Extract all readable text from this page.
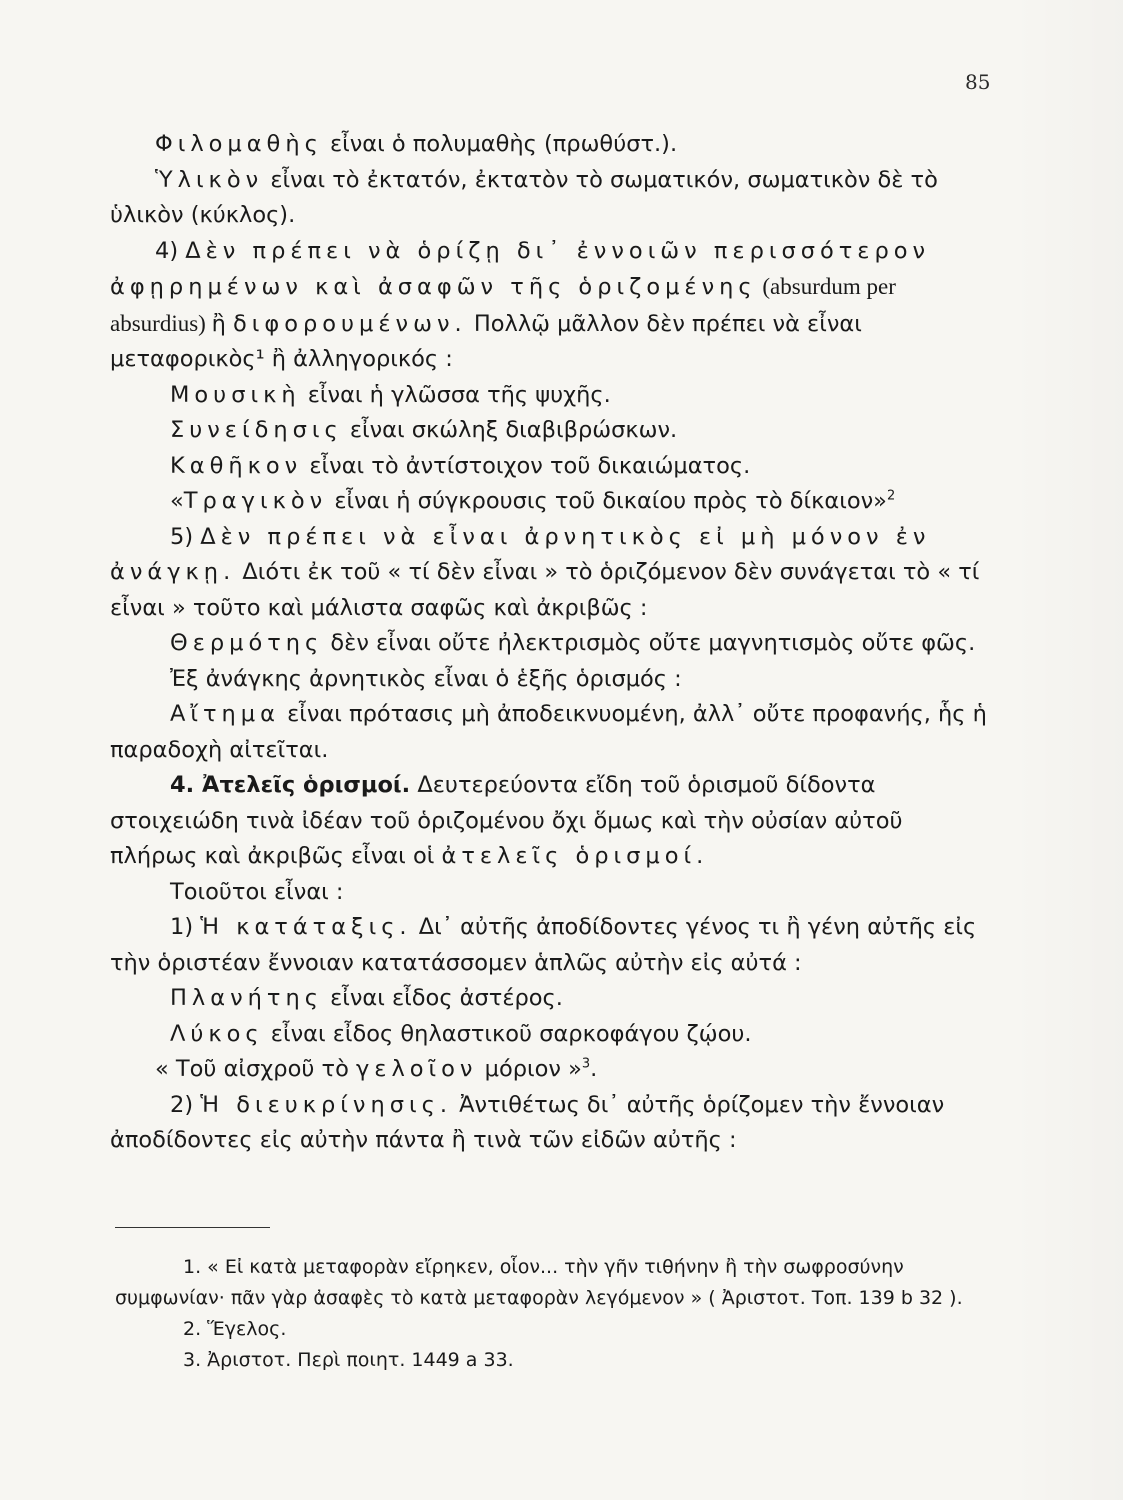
85

Φιλομαθὴς εἶναι ὁ πολυμαθὴς (πρωθύστ.).

Ὑλικὸν εἶναι τὸ ἐκτατόν, ἐκτατὸν τὸ σωματικόν, σωματικὸν δὲ τὸ ὑλικὸν (κύκλος).

4) Δὲν πρέπει νὰ ὁρίζῃ δι᾿ ἐννοιῶν περισσότερον ἀφῃρημένων καὶ ἀσαφῶν τῆς ὁριζομένης (absurdum per absurdius) ἢ διφορουμένων. Πολλῷ μᾶλλον δὲν πρέπει νὰ εἶναι μεταφορικὸς¹ ἢ ἀλληγορικός :

Μουσικὴ εἶναι ἡ γλῶσσα τῆς ψυχῆς.

Συνείδησις εἶναι σκώληξ διαβιβρώσκων.

Καθῆκον εἶναι τὸ ἀντίστοιχον τοῦ δικαιώματος.

«Τραγικὸν εἶναι ἡ σύγκρουσις τοῦ δικαίου πρὸς τὸ δίκαιον»$^2$

5) Δὲν πρέπει νὰ εἶναι ἀρνητικὸς εἰ μὴ μόνον ἐν ἀνάγκῃ. Διότι ἐκ τοῦ « τί δὲν εἶναι » τὸ ὁριζόμενον δὲν συνάγεται τὸ « τί εἶναι » τοῦτο καὶ μάλιστα σαφῶς καὶ ἀκριβῶς :

Θερμότης δὲν εἶναι οὔτε ἠλεκτρισμὸς οὔτε μαγνητισμὸς οὔτε φῶς.

Ἐξ ἀνάγκης ἀρνητικὸς εἶναι ὁ ἑξῆς ὁρισμός :

Αἴτημα εἶναι πρότασις μὴ ἀποδεικνυομένη, ἀλλ᾿ οὔτε προφανής, ἧς ἡ παραδοχὴ αἰτεῖται.

4. Ἀτελεῖς ὁρισμοί. Δευτερεύοντα εἴδη τοῦ ὁρισμοῦ δίδοντα στοιχειώδη τινὰ ἰδέαν τοῦ ὁριζομένου ὄχι ὅμως καὶ τὴν οὐσίαν αὐτοῦ πλήρως καὶ ἀκριβῶς εἶναι οἱ ἀτελεῖς ὁρισμοί.

Τοιοῦτοι εἶναι :

1) Ἡ κατάταξις. Δι᾿ αὐτῆς ἀποδίδοντες γένος τι ἢ γένη αὐτῆς εἰς τὴν ὁριστέαν ἔννοιαν κατατάσσομεν ἁπλῶς αὐτὴν εἰς αὐτά :

Πλανήτης εἶναι εἶδος ἀστέρος.

Λύκος εἶναι εἶδος θηλαστικοῦ σαρκοφάγου ζῴου.

« Τοῦ αἰσχροῦ τὸ γελοῖον μόριον »$^3$.

2) Ἡ διευκρίνησις. Ἀντιθέτως δι᾿ αὐτῆς ὁρίζομεν τὴν ἔννοιαν ἀποδίδοντες εἰς αὐτὴν πάντα ἢ τινὰ τῶν εἰδῶν αὐτῆς :

1. « Εἰ κατὰ μεταφορὰν εἴρηκεν, οἷον... τὴν γῆν τιθήνην ἢ τὴν σωφροσύνην συμφωνίαν· πᾶν γὰρ ἀσαφὲς τὸ κατὰ μεταφορὰν λεγόμενον » ( Ἀριστοτ. Τοπ. 139 b 32 ).

2. Ἕγελος.

3. Ἀριστοτ. Περὶ ποιητ. 1449 a 33.
